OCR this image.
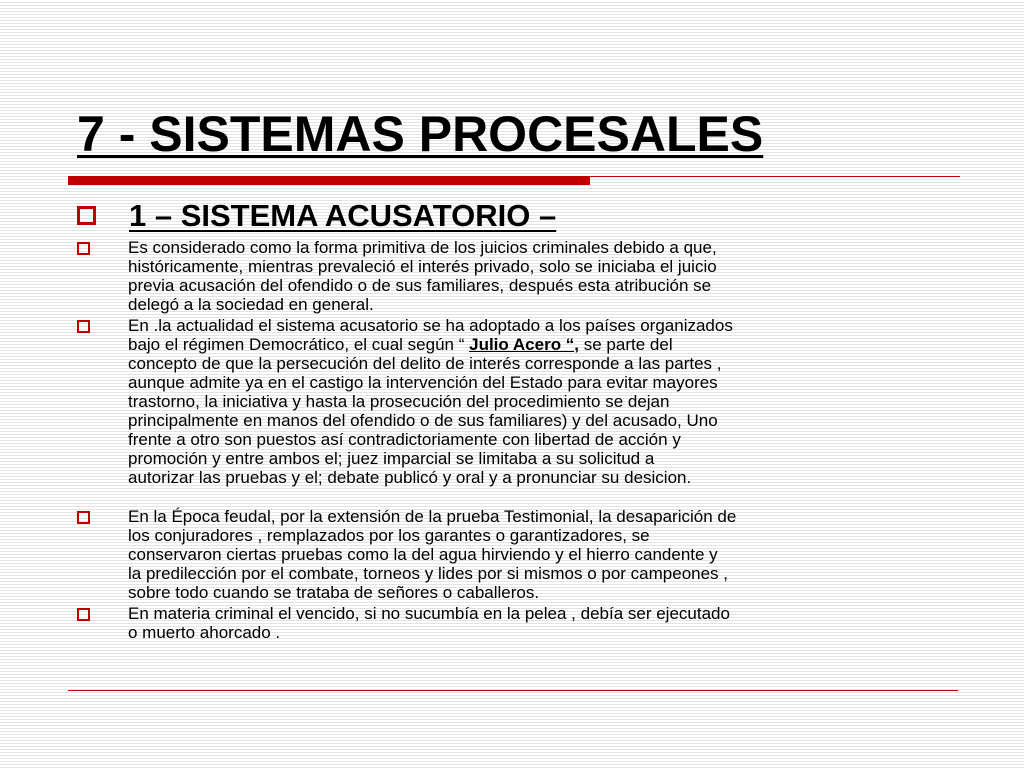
7 - SISTEMAS PROCESALES
1 – SISTEMA ACUSATORIO –
Es considerado como la forma primitiva de los juicios criminales debido a que,
históricamente, mientras prevaleció el interés privado, solo se iniciaba el juicio
previa acusación del ofendido o de sus familiares, después esta atribución se
delegó a la sociedad en general.
En .la actualidad el sistema acusatorio se ha adoptado a los países organizados
bajo el régimen Democrático, el cual según “ Julio Acero “, se parte del
concepto de que la persecución del delito de interés corresponde a las partes ,
aunque admite ya en el castigo la intervención del Estado para evitar mayores
trastorno, la iniciativa y hasta la prosecución del procedimiento se dejan
principalmente en manos del ofendido o de sus familiares) y del acusado, Uno
frente a otro son puestos así contradictoriamente con libertad de acción y
promoción y entre ambos el; juez imparcial se limitaba a su solicitud a
autorizar las pruebas y el; debate publicó y oral y a pronunciar su desicion.
En la Época feudal, por la extensión de la prueba Testimonial, la desaparición de
los conjuradores , remplazados por los garantes o garantizadores, se
conservaron ciertas pruebas como la del agua hirviendo y el hierro candente y
la predilección por el combate, torneos y lides por si mismos o por campeones ,
sobre todo cuando se trataba de señores o caballeros.
En materia criminal el vencido, si no sucumbía en la pelea , debía ser ejecutado
o muerto ahorcado .
